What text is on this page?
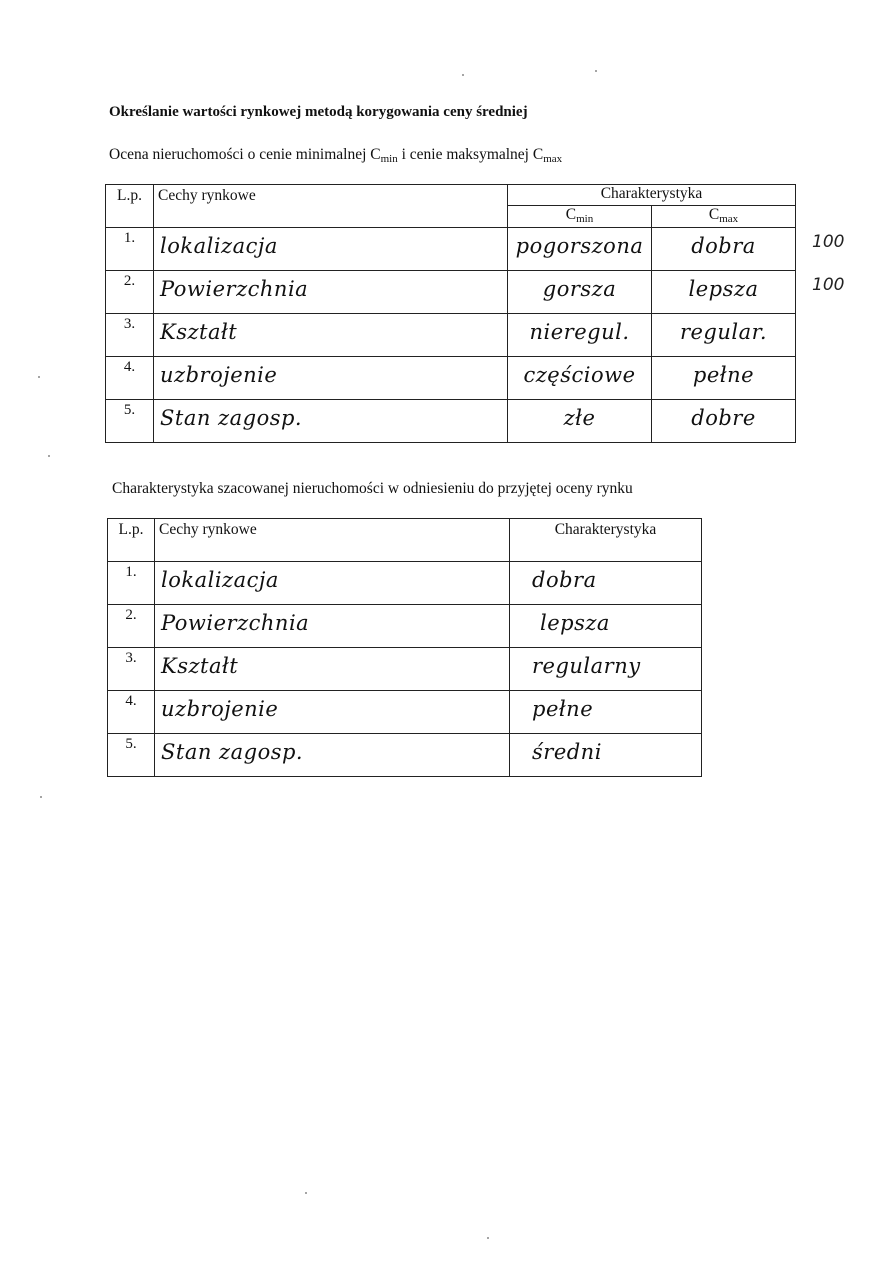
Określanie wartości rynkowej metodą korygowania ceny średniej
Ocena nieruchomości o cenie minimalnej $C_{min}$ i cenie maksymalnej $C_{max}$
L.p.	Cechy rynkowe	Charakterystyka	
		$C_{min}$	$C_{max}$
1.	lokalizacja	pogorszona	dobra

2.	Powierzchnia	gorsza	lepsza

3.	Kształt	nieregul.	regular.

4.	uzbrojenie	częściowe	pełne

5.	Stan zagosp.	złe	dobre
100
100
Charakterystyka szacowanej nieruchomości w odniesieniu do przyjętej oceny rynku
L.p.	Cechy rynkowe	Charakterystyka
1.	lokalizacja	dobra

2.	Powierzchnia	lepsza

3.	Kształt	regularny

4.	uzbrojenie	pełne

5.	Stan zagosp.	średni
